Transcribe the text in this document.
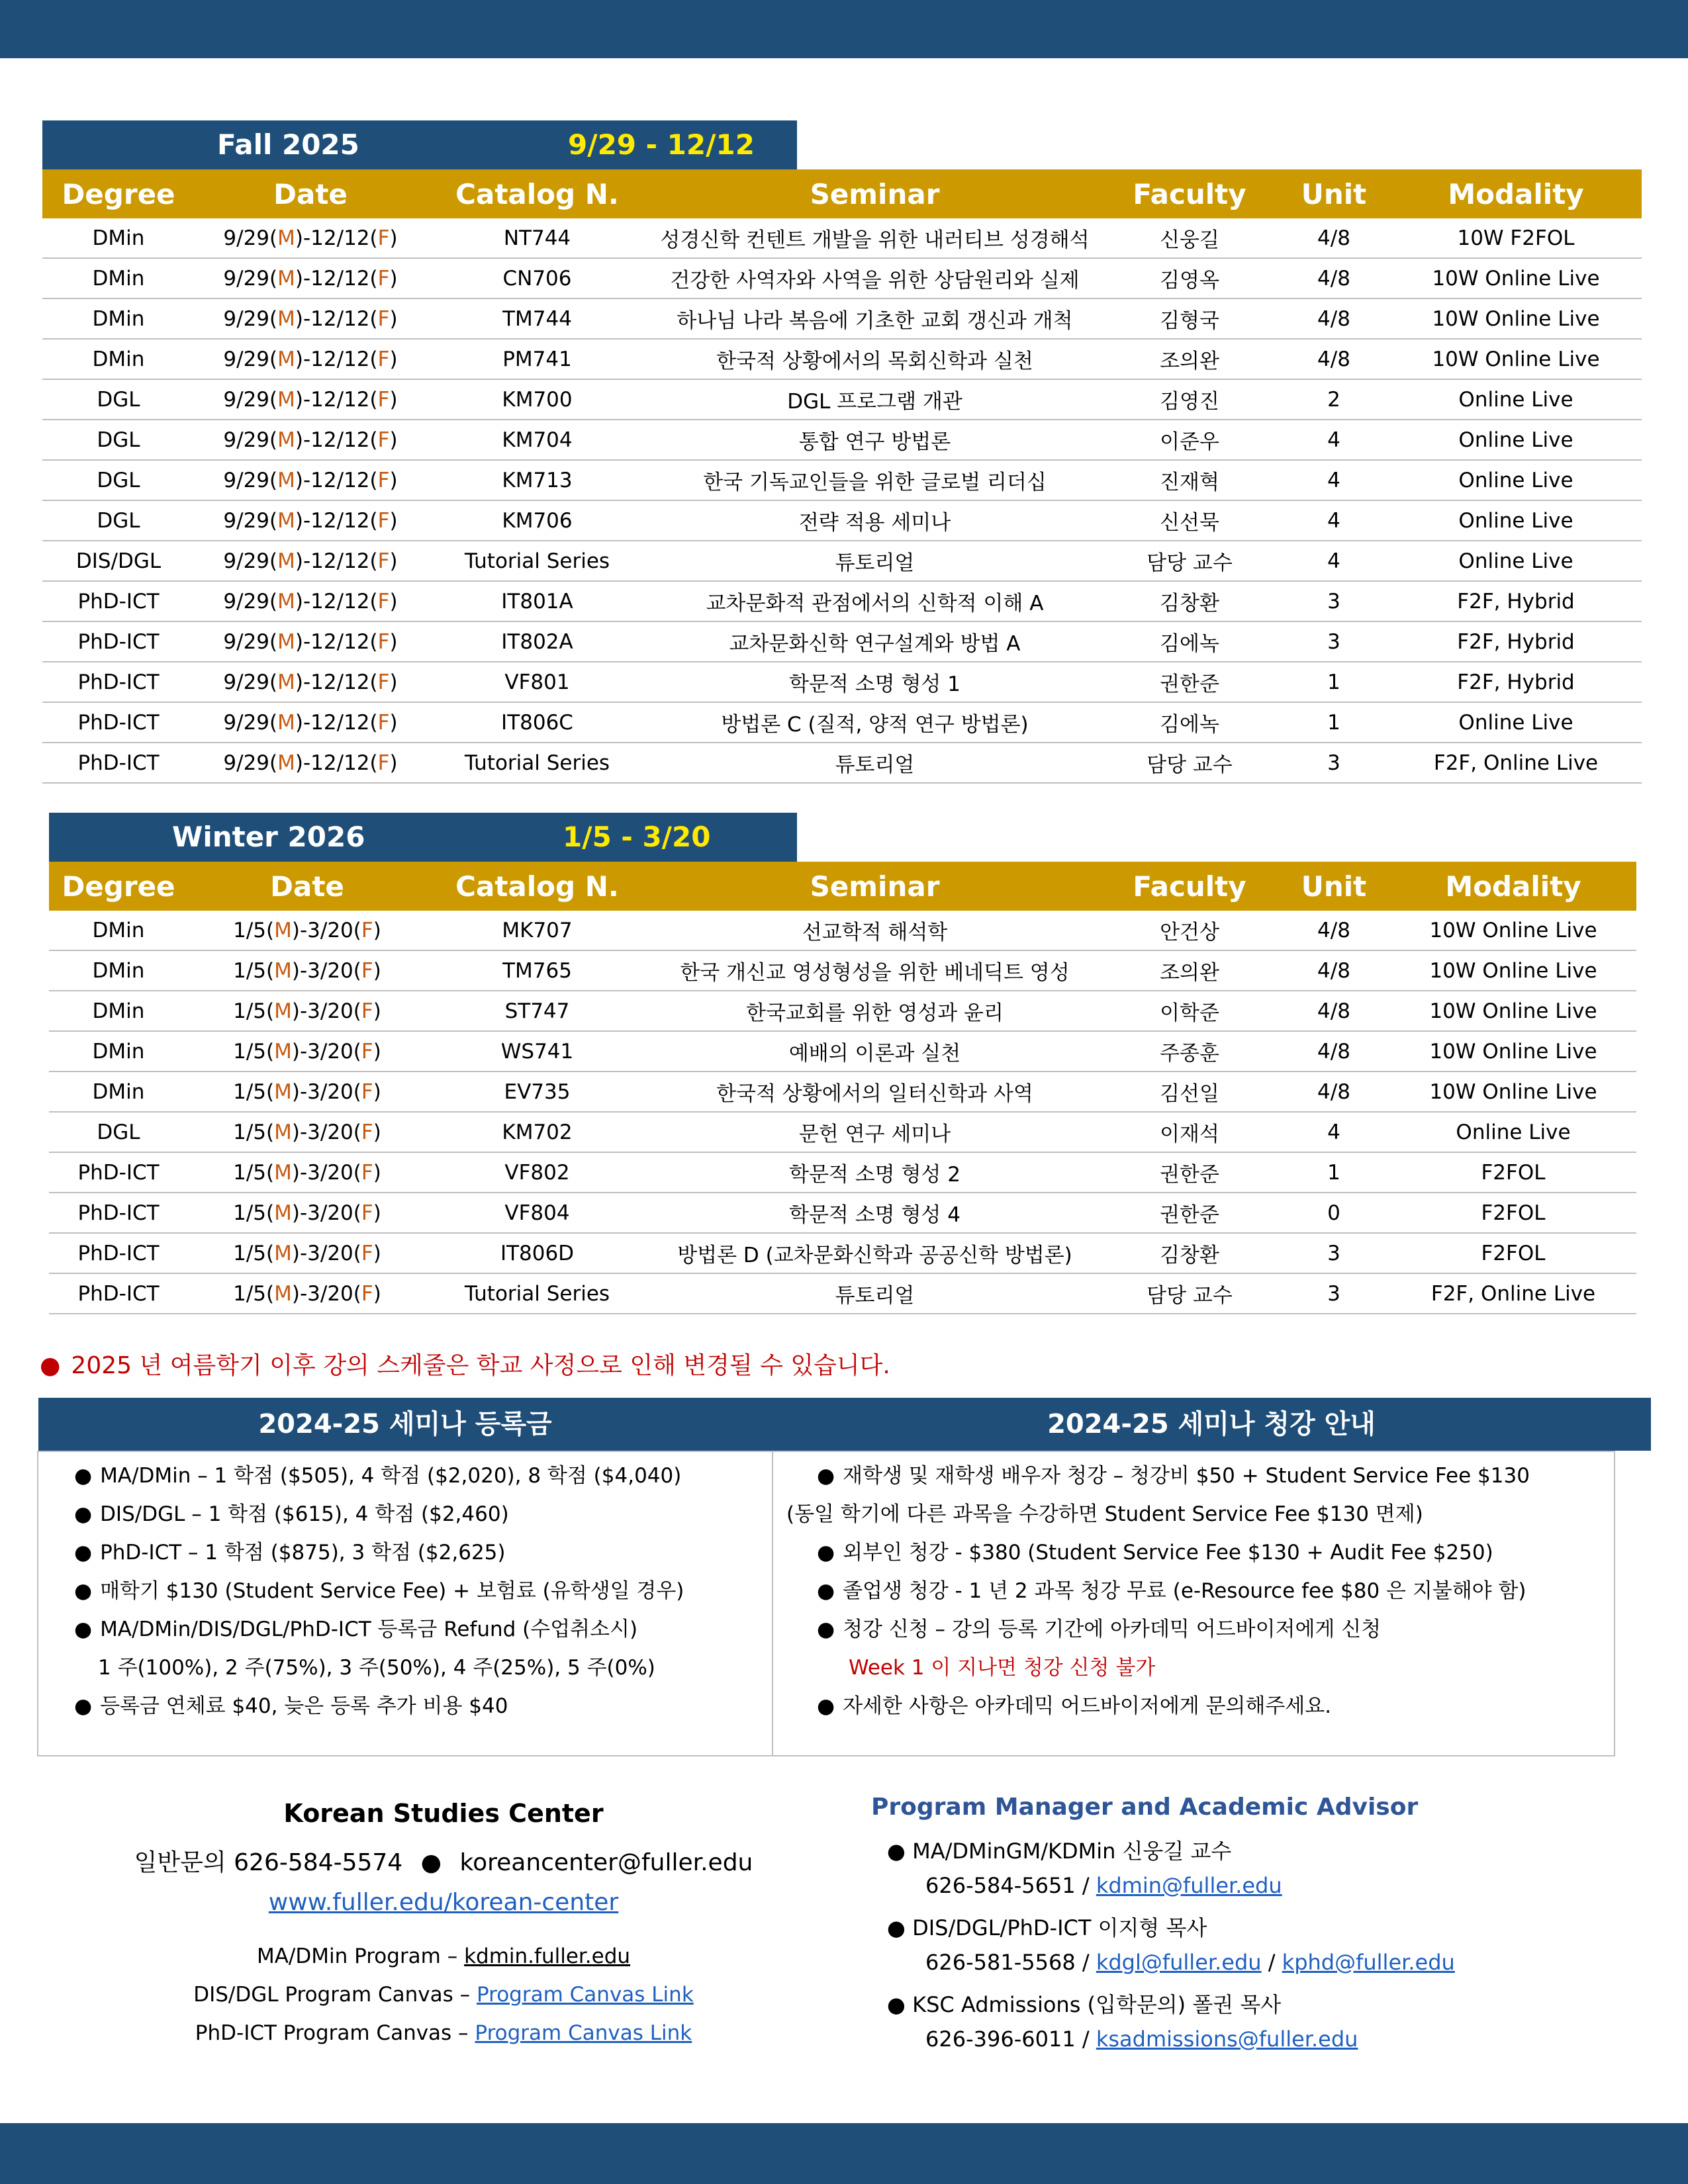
Fall 2025	9/29 - 12/12
Degree	Date	Catalog N.	Seminar	Faculty	Unit	Modality
DMin	9/29(M)-12/12(F)	NT744	성경신학 컨텐트 개발을 위한 내러티브 성경해석	신웅길	4/8	10W F2FOL
DMin	9/29(M)-12/12(F)	CN706	건강한 사역자와 사역을 위한 상담원리와 실제	김영옥	4/8	10W Online Live
DMin	9/29(M)-12/12(F)	TM744	하나님 나라 복음에 기초한 교회 갱신과 개척	김형국	4/8	10W Online Live
DMin	9/29(M)-12/12(F)	PM741	한국적 상황에서의 목회신학과 실천	조의완	4/8	10W Online Live
DGL	9/29(M)-12/12(F)	KM700	DGL 프로그램 개관	김영진	2	Online Live
DGL	9/29(M)-12/12(F)	KM704	통합 연구 방법론	이준우	4	Online Live
DGL	9/29(M)-12/12(F)	KM713	한국 기독교인들을 위한 글로벌 리더십	진재혁	4	Online Live
DGL	9/29(M)-12/12(F)	KM706	전략 적용 세미나	신선묵	4	Online Live
DIS/DGL	9/29(M)-12/12(F)	Tutorial Series	튜토리얼	담당 교수	4	Online Live
PhD-ICT	9/29(M)-12/12(F)	IT801A	교차문화적 관점에서의 신학적 이해 A	김창환	3	F2F, Hybrid
PhD-ICT	9/29(M)-12/12(F)	IT802A	교차문화신학 연구설계와 방법 A	김에녹	3	F2F, Hybrid
PhD-ICT	9/29(M)-12/12(F)	VF801	학문적 소명 형성 1	권한준	1	F2F, Hybrid
PhD-ICT	9/29(M)-12/12(F)	IT806C	방법론 C (질적, 양적 연구 방법론)	김에녹	1	Online Live
PhD-ICT	9/29(M)-12/12(F)	Tutorial Series	튜토리얼	담당 교수	3	F2F, Online Live
Winter 2026	1/5 - 3/20
Degree	Date	Catalog N.	Seminar	Faculty	Unit	Modality
DMin	1/5(M)-3/20(F)	MK707	선교학적 해석학	안건상	4/8	10W Online Live
DMin	1/5(M)-3/20(F)	TM765	한국 개신교 영성형성을 위한 베네딕트 영성	조의완	4/8	10W Online Live
DMin	1/5(M)-3/20(F)	ST747	한국교회를 위한 영성과 윤리	이학준	4/8	10W Online Live
DMin	1/5(M)-3/20(F)	WS741	예배의 이론과 실천	주종훈	4/8	10W Online Live
DMin	1/5(M)-3/20(F)	EV735	한국적 상황에서의 일터신학과 사역	김선일	4/8	10W Online Live
DGL	1/5(M)-3/20(F)	KM702	문헌 연구 세미나	이재석	4	Online Live
PhD-ICT	1/5(M)-3/20(F)	VF802	학문적 소명 형성 2	권한준	1	F2FOL
PhD-ICT	1/5(M)-3/20(F)	VF804	학문적 소명 형성 4	권한준	0	F2FOL
PhD-ICT	1/5(M)-3/20(F)	IT806D	방법론 D (교차문화신학과 공공신학 방법론)	김창환	3	F2FOL
PhD-ICT	1/5(M)-3/20(F)	Tutorial Series	튜토리얼	담당 교수	3	F2F, Online Live
● 2025 년 여름학기 이후 강의 스케줄은 학교 사정으로 인해 변경될 수 있습니다.
2024-25 세미나 등록금	2024-25 세미나 청강 안내
● MA/DMin – 1 학점 ($505), 4 학점 ($2,020), 8 학점 ($4,040)
● DIS/DGL – 1 학점 ($615), 4 학점 ($2,460)
● PhD-ICT – 1 학점 ($875), 3 학점 ($2,625)
● 매학기 $130 (Student Service Fee) + 보험료 (유학생일 경우)
● MA/DMin/DIS/DGL/PhD-ICT 등록금 Refund (수업취소시)
1 주(100%), 2 주(75%), 3 주(50%), 4 주(25%), 5 주(0%)
● 등록금 연체료 $40, 늦은 등록 추가 비용 $40
● 재학생 및 재학생 배우자 청강 – 청강비 $50 + Student Service Fee $130
(동일 학기에 다른 과목을 수강하면 Student Service Fee $130 면제)
● 외부인 청강 - $380 (Student Service Fee $130 + Audit Fee $250)
● 졸업생 청강 - 1 년 2 과목 청강 무료 (e-Resource fee $80 은 지불해야 함)
● 청강 신청 – 강의 등록 기간에 아카데믹 어드바이저에게 신청
Week 1 이 지나면 청강 신청 불가
● 자세한 사항은 아카데믹 어드바이저에게 문의해주세요.
Korean Studies Center
일반문의 626-584-5574 ● koreancenter@fuller.edu
www.fuller.edu/korean-center
MA/DMin Program – kdmin.fuller.edu
DIS/DGL Program Canvas – Program Canvas Link
PhD-ICT Program Canvas – Program Canvas Link
Program Manager and Academic Advisor
● MA/DMinGM/KDMin 신웅길 교수
626-584-5651 / kdmin@fuller.edu
● DIS/DGL/PhD-ICT 이지형 목사
626-581-5568 / kdgl@fuller.edu / kphd@fuller.edu
● KSC Admissions (입학문의) 폴권 목사
626-396-6011 / ksadmissions@fuller.edu
